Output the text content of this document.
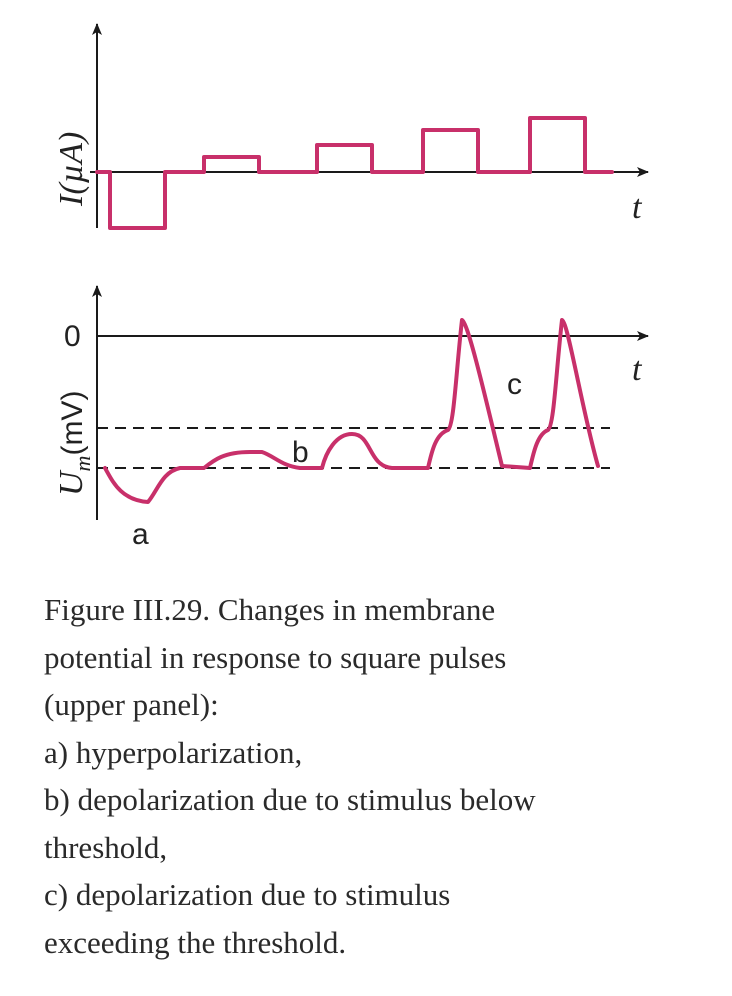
I(µA)
t
0
$U_m(mV)$
t
a
b
c
Figure III.29. Changes in membrane
potential in response to square pulses
(upper panel):
a) hyperpolarization,
b) depolarization due to stimulus below
threshold,
c) depolarization due to stimulus
exceeding the threshold.
